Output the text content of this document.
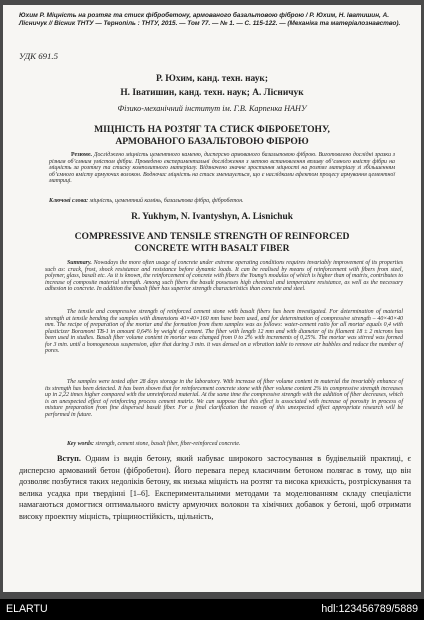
Юхим Р. Міцність на розтяг та стиск фібробетону, армованого базальтовою фіброю / Р. Юхим, Н. Іватишин, А. Лісничук // Вісник ТНТУ — Тернопіль : ТНТУ, 2015. — Том 77. — № 1. — С. 115-122. — (Механіка та матеріалознавство).
УДК 691.5
Р. Юхим, канд. техн. наук;
Н. Іватишин, канд. техн. наук; А. Лісничук
Фізико-механічний інститут ім. Г.В. Карпенка НАНУ
МІЦНІСТЬ НА РОЗТЯГ ТА СТИСК ФІБРОБЕТОНУ,
АРМОВАНОГО БАЗАЛЬТОВОЮ ФІБРОЮ
Резюме. Досліджено міцність цементного каменю, дисперсно армованого базальтовою фіброю. Виготовлено дослідні зразки з різним об’ємним умістом фібри. Проведено експериментальні дослідження з метою встановлення впливу об’ємного вмісту фібри на міцність за розтягу та стиску композитного матеріалу. Відзначено значне зростання міцності на розтяг матеріалу зі збільшенням об’ємного вмісту армуючих волокон. Водночас міцність на стиск зменшується, що є наслідками ефектом процесу армування цементної матриці.
Ключові слова: міцність, цементний камінь, базальтова фібра, фібробетон.
R. Yukhym, N. Ivantyshyn, A. Lisnichuk
COMPRESSIVE AND TENSILE STRENGTH OF REINFORCED
CONCRETE WITH BASALT FIBER
Summary. Nowadays the more often usage of concrete under extreme operating conditions requires invariably improvement of its properties such as: crack, frost, shock resistance and resistance before dynamic loads. It can be realised by means of reinforcement with fibers from steel, polymer, glass, basalt etc. As it is known, the reinforcement of concrete with fibers the Young’s modulus of which is higher than of matrix, contributes to increase of composite material strength. Among such fibers the basalt possesses high chemical and temperature resistance, as well as the necessary adhesion to concrete. In addition the basalt fiber has superior strength characteristics than concrete and steel.
The tensile and compressive strength of reinforced cement stone with basalt fibers has been investigated. For determination of material strength at tensile bending the samples with dimensions 40×40×160 mm have been used, and for determination of compressive strength – 40×40×40 mm. The recipe of preparation of the mortar and the formation from them samples was as follows: water-cement ratio for all mortar equals 0,4 with plasticizer Boramont TB-1 in amount 0,64% by weight of cement. The fiber with length 12 mm and with diameter of its filament 18 ± 2 microns has been used in studies. Basalt fiber volume content in mortar was changed from 0 to 2% with increments of 0,25%. The mortar was stirred was formed for 3 min. until a homogeneous suspension, after that during 3 min. it was densed on a vibration table to remove air bubbles and reduce the number of pores.
The samples were tested after 28 days storage in the laboratory. With increase of fiber volume content in material the invariably enhance of its strength has been detected. It has been shown that for reinforcement concrete stone with fiber volume content 2% its compressive strength increases up in 2,22 times higher compared with the unreinforced material. At the same time the compressive strength with the addition of fiber decreases, which is an unexpected effect of reinforcing process cement matrix. We can suppose that this effect is associated with increase of porosity in process of mixture preparation from fine dispersed basalt fiber. For a final clarification the reason of this unexpected effect appropriate research will be performed in future.
Key words: strength, cement stone, basalt fiber, fiber-reinforced concrete.
Вступ. Одним із видів бетону, який набуває широкого застосування в будівельній практиці, є дисперсно армований бетон (фібробетон). Його перевага перед класичним бетоном полягає в тому, що він дозволяє позбутися таких недоліків бетону, як низька міцність на розтяг та висока крихкість, розтріскування та велика усадка при твердінні [1–6]. Експериментальними методами та моделюванням складу спеціалісти намагаються домогтися оптимального вмісту армуючих волокон та хімічних добавок у бетоні, щоб отримати високу проектну міцність, тріщиностійкість, щільність,
ELARTU	hdl:123456789/5889
